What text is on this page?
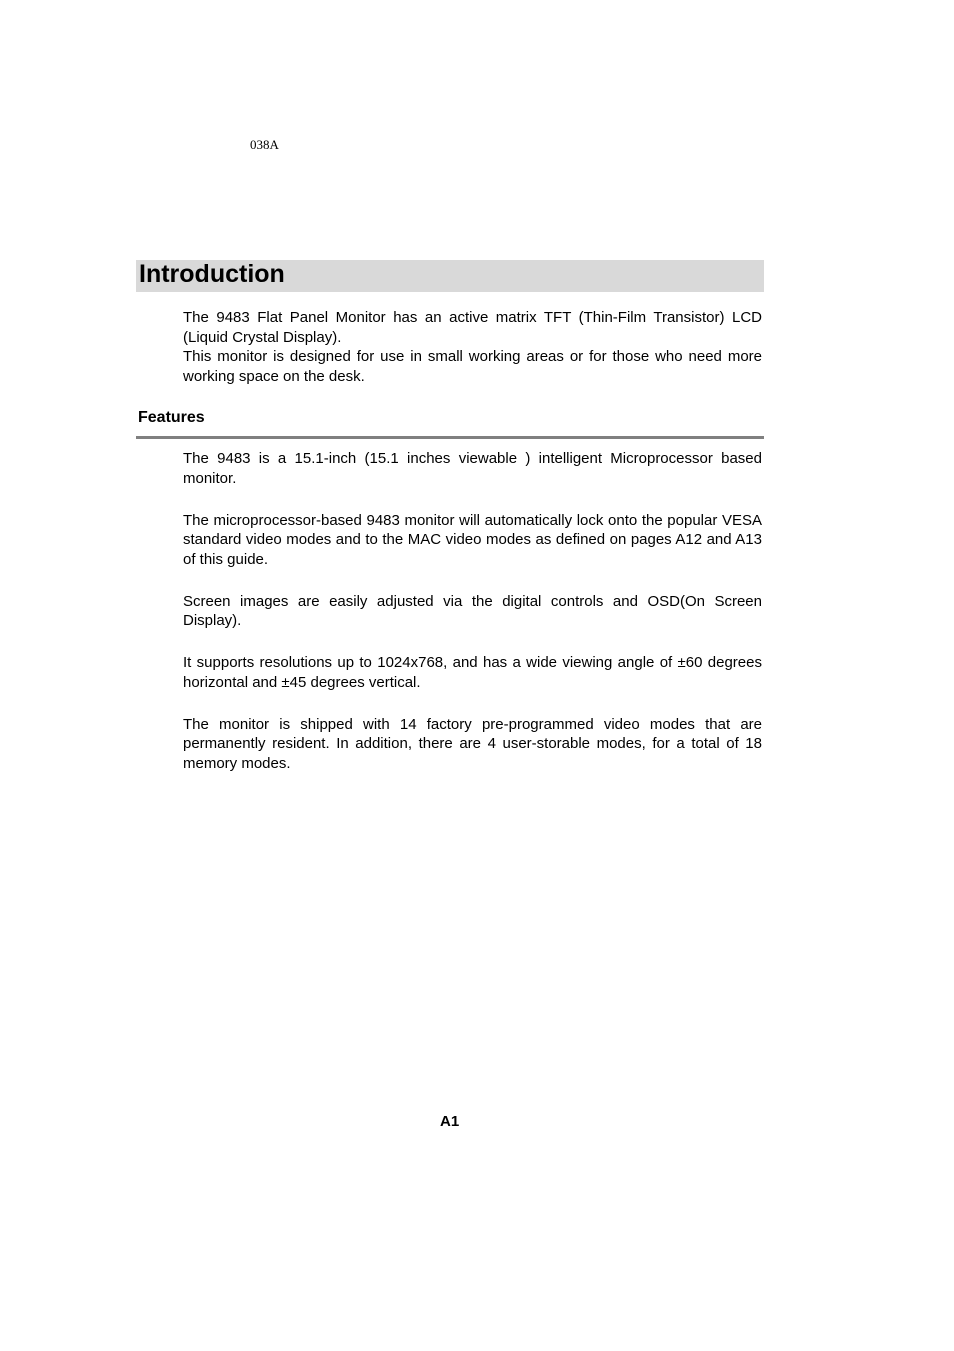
038A
Introduction

The 9483 Flat Panel Monitor has an active matrix TFT (Thin-Film Transistor) LCD (Liquid Crystal Display).

This monitor is designed for use in small working areas or for those who need more working space on the desk.

Features

The 9483 is a 15.1-inch (15.1 inches viewable ) intelligent Microprocessor based monitor.

The microprocessor-based 9483 monitor will automatically lock onto the popular VESA standard video modes and to the MAC video modes as defined on pages A12 and A13 of this guide.

Screen images are easily adjusted via the digital controls and OSD(On Screen Display).

It supports resolutions up to 1024x768, and has a wide viewing angle of ±60 degrees horizontal and ±45 degrees vertical.

The monitor is shipped with 14 factory pre-programmed video modes that are permanently resident. In addition, there are 4 user-storable modes, for a total of 18 memory modes.

A1
